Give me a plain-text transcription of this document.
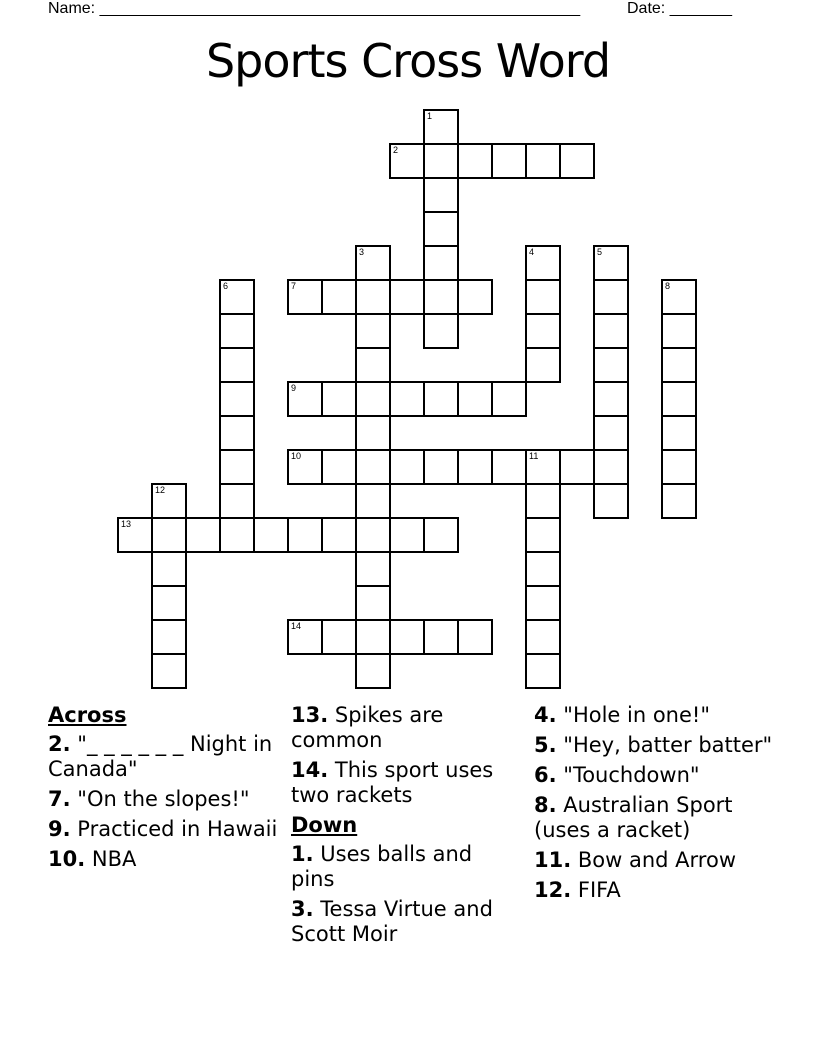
Name: ______________________________________________________	Date: _______
Sports Cross Word
Across
2. "_ _ _ _ _ _ Night in Canada"
7. "On the slopes!"
9. Practiced in Hawaii
10. NBA
13. Spikes are common
14. This sport uses two rackets
Down
1. Uses balls and pins
3. Tessa Virtue and Scott Moir
4. "Hole in one!"
5. "Hey, batter batter"
6. "Touchdown"
8. Australian Sport (uses a racket)
11. Bow and Arrow
12. FIFA
1
2
3	4	5
6	7	8
9
10	11
12
13
14
